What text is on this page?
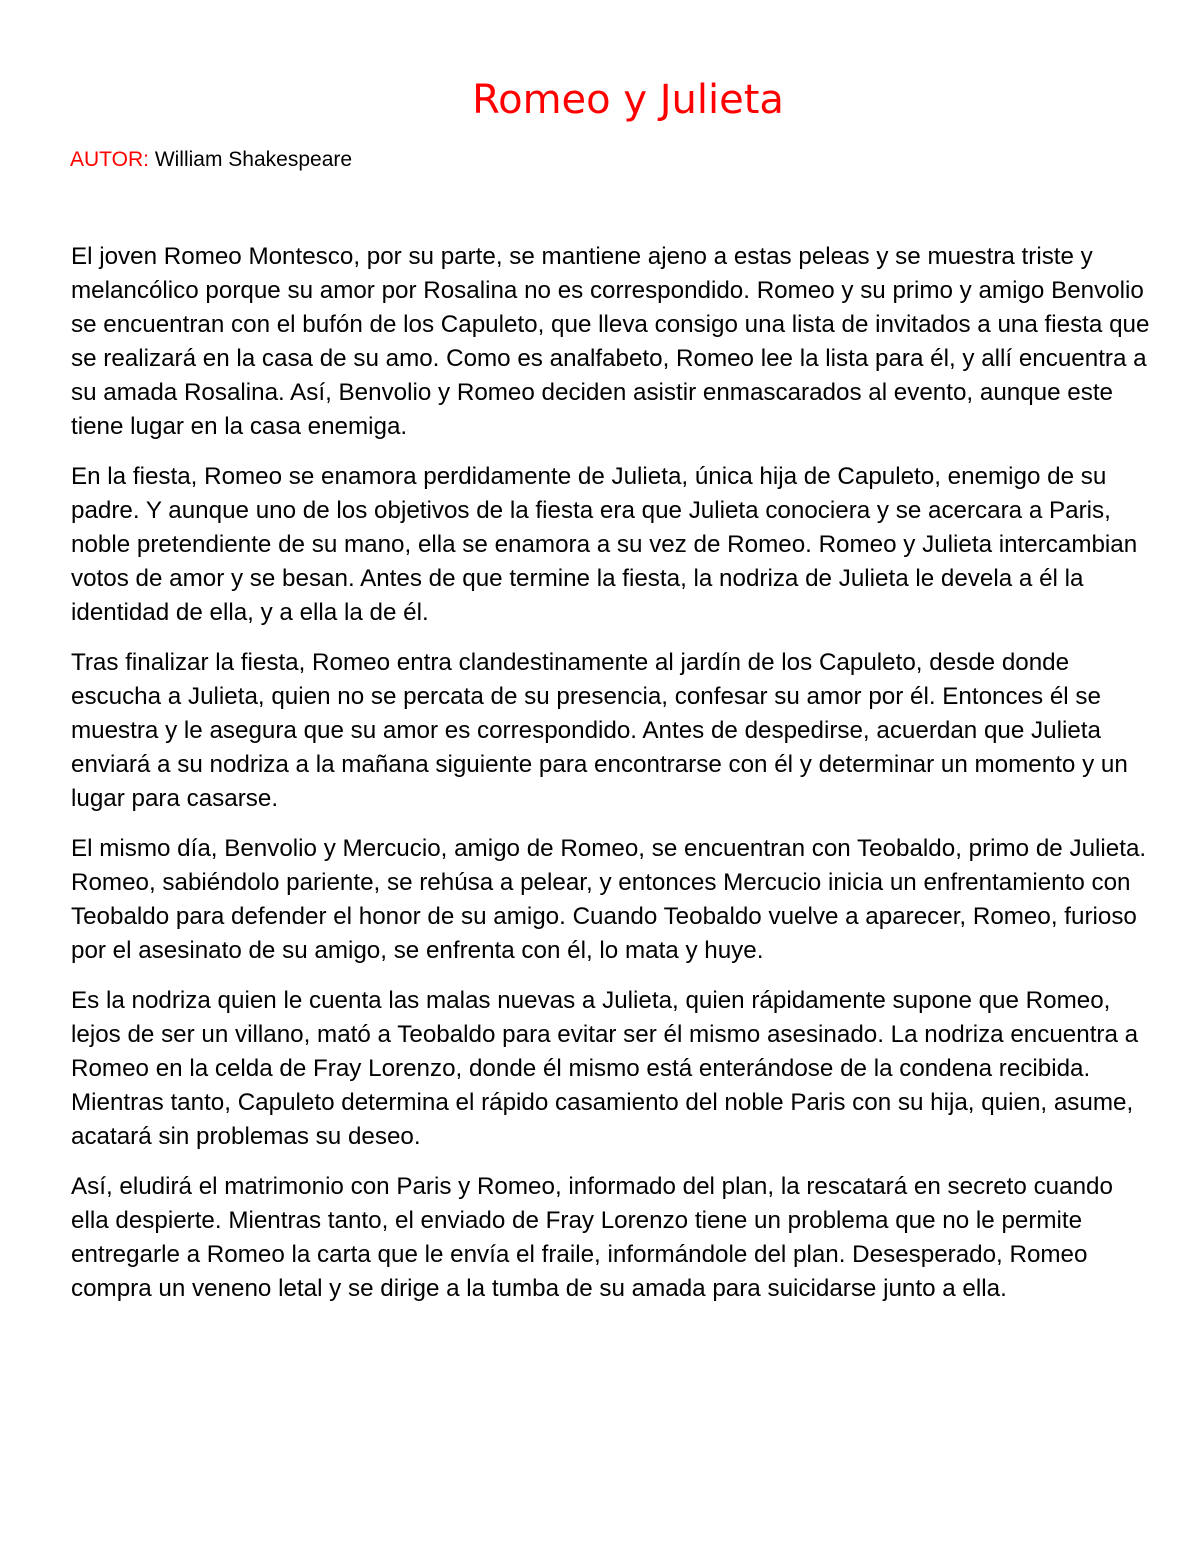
Romeo y Julieta
AUTOR: William Shakespeare

El joven Romeo Montesco, por su parte, se mantiene ajeno a estas peleas y se muestra triste y melancólico porque su amor por Rosalina no es correspondido. Romeo y su primo y amigo Benvolio se encuentran con el bufón de los Capuleto, que lleva consigo una lista de invitados a una fiesta que se realizará en la casa de su amo. Como es analfabeto, Romeo lee la lista para él, y allí encuentra a su amada Rosalina. Así, Benvolio y Romeo deciden asistir enmascarados al evento, aunque este tiene lugar en la casa enemiga.

En la fiesta, Romeo se enamora perdidamente de Julieta, única hija de Capuleto, enemigo de su padre. Y aunque uno de los objetivos de la fiesta era que Julieta conociera y se acercara a Paris, noble pretendiente de su mano, ella se enamora a su vez de Romeo. Romeo y Julieta intercambian votos de amor y se besan. Antes de que termine la fiesta, la nodriza de Julieta le devela a él la identidad de ella, y a ella la de él.

Tras finalizar la fiesta, Romeo entra clandestinamente al jardín de los Capuleto, desde donde escucha a Julieta, quien no se percata de su presencia, confesar su amor por él. Entonces él se muestra y le asegura que su amor es correspondido. Antes de despedirse, acuerdan que Julieta enviará a su nodriza a la mañana siguiente para encontrarse con él y determinar un momento y un lugar para casarse.

El mismo día, Benvolio y Mercucio, amigo de Romeo, se encuentran con Teobaldo, primo de Julieta. Romeo, sabiéndolo pariente, se rehúsa a pelear, y entonces Mercucio inicia un enfrentamiento con Teobaldo para defender el honor de su amigo. Cuando Teobaldo vuelve a aparecer, Romeo, furioso por el asesinato de su amigo, se enfrenta con él, lo mata y huye.

Es la nodriza quien le cuenta las malas nuevas a Julieta, quien rápidamente supone que Romeo, lejos de ser un villano, mató a Teobaldo para evitar ser él mismo asesinado. La nodriza encuentra a Romeo en la celda de Fray Lorenzo, donde él mismo está enterándose de la condena recibida. Mientras tanto, Capuleto determina el rápido casamiento del noble Paris con su hija, quien, asume, acatará sin problemas su deseo.

Así, eludirá el matrimonio con Paris y Romeo, informado del plan, la rescatará en secreto cuando ella despierte. Mientras tanto, el enviado de Fray Lorenzo tiene un problema que no le permite entregarle a Romeo la carta que le envía el fraile, informándole del plan. Desesperado, Romeo compra un veneno letal y se dirige a la tumba de su amada para suicidarse junto a ella.
